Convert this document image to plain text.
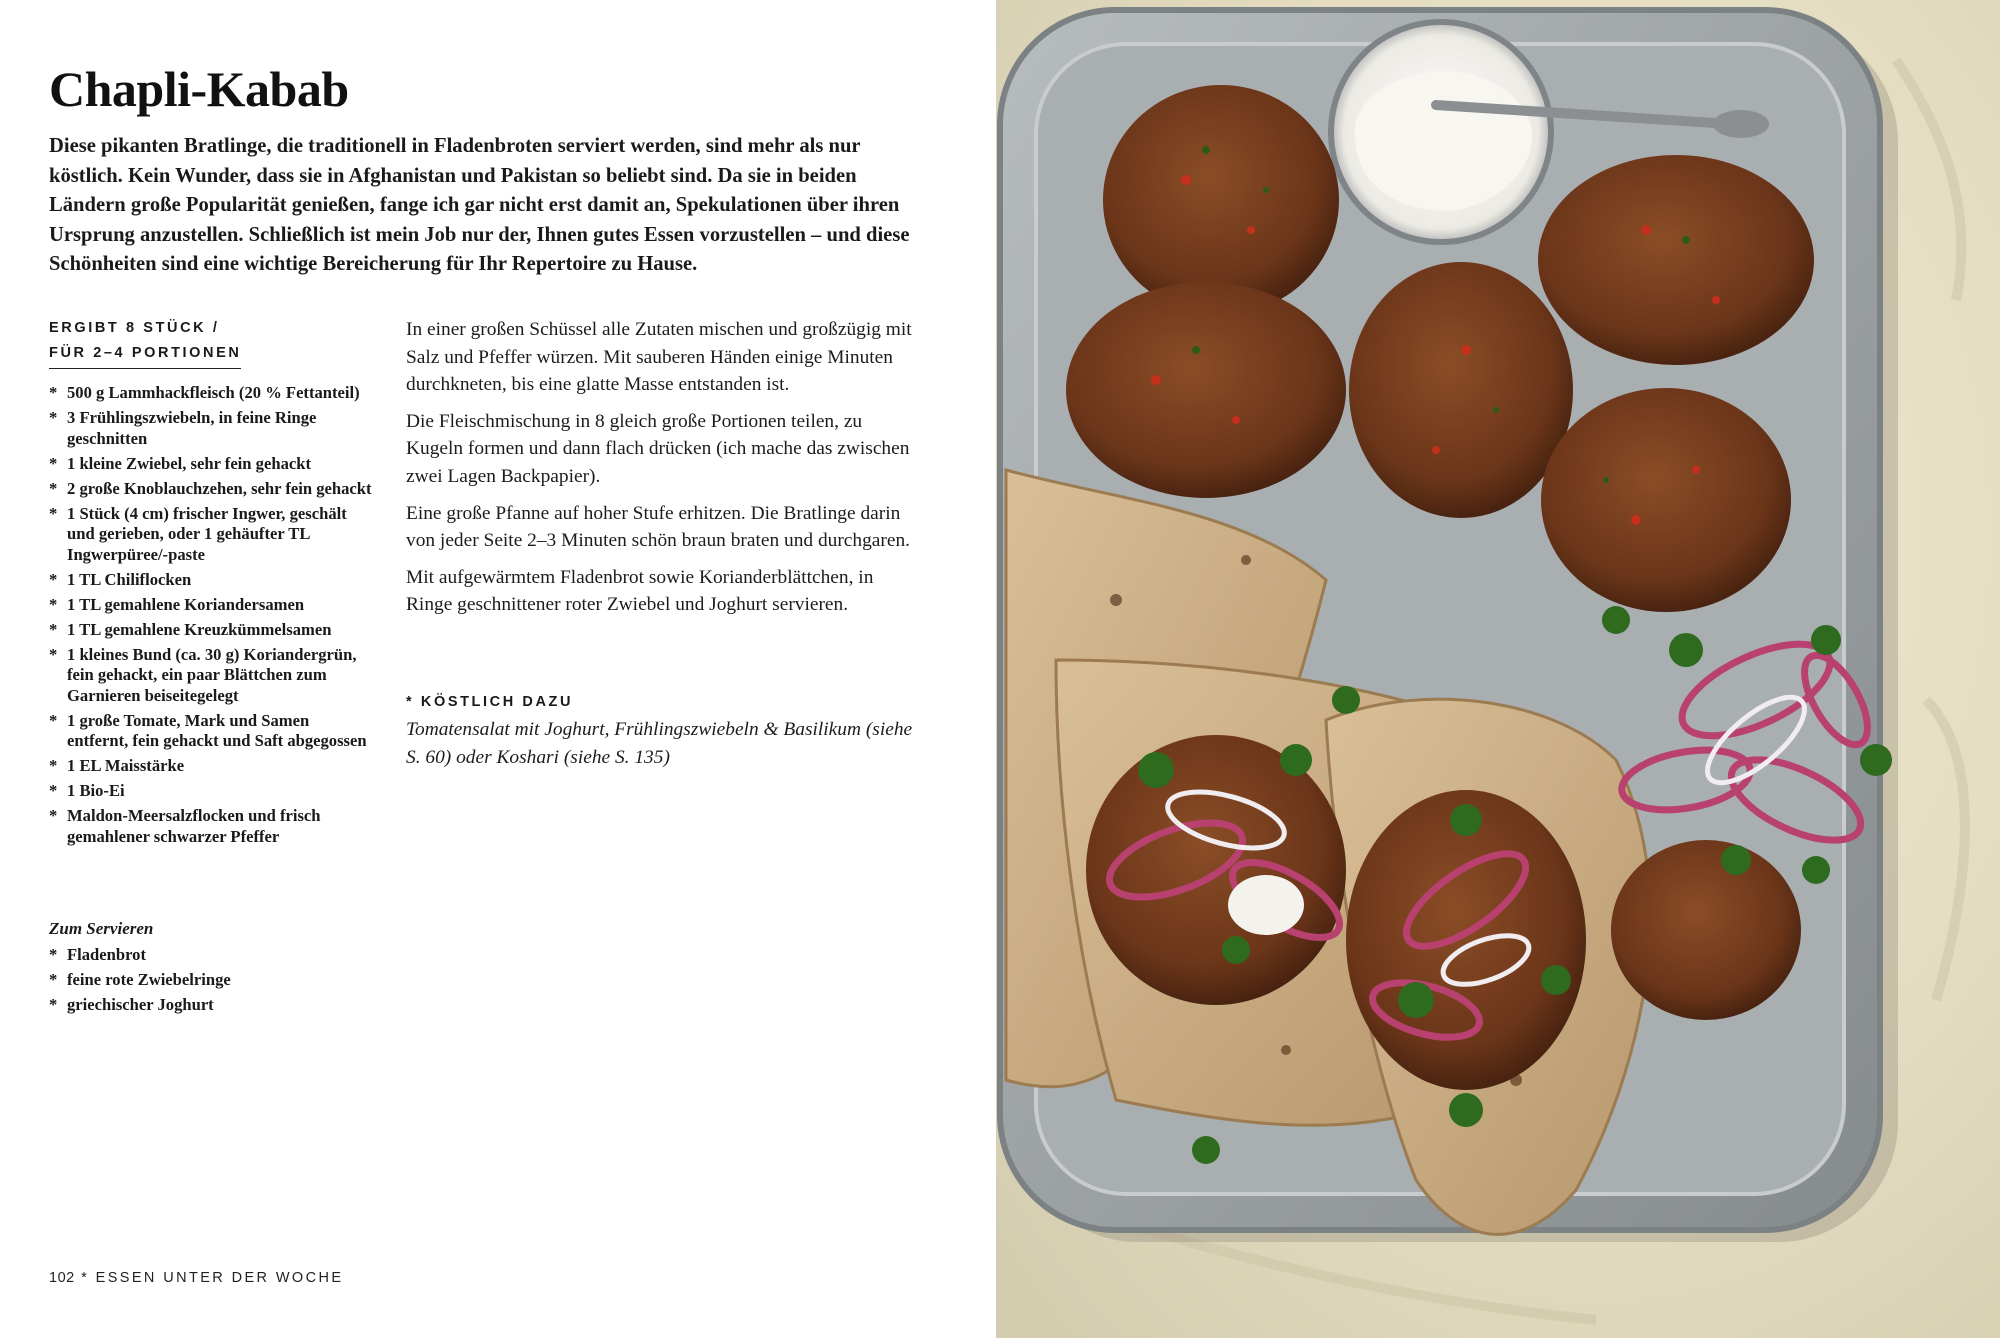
Chapli-Kabab

Diese pikanten Bratlinge, die traditionell in Fladenbroten serviert werden, sind mehr als nur köstlich. Kein Wunder, dass sie in Afghanistan und Pakistan so beliebt sind. Da sie in beiden Ländern große Popularität genießen, fange ich gar nicht erst damit an, Spekulationen über ihren Ursprung anzustellen. Schließlich ist mein Job nur der, Ihnen gutes Essen vorzustellen – und diese Schönheiten sind eine wichtige Bereicherung für Ihr Repertoire zu Hause.

ERGIBT 8 STÜCK /
FÜR 2–4 PORTIONEN
* 500 g Lammhackfleisch (20 % Fettanteil)
* 3 Frühlingszwiebeln, in feine Ringe geschnitten
* 1 kleine Zwiebel, sehr fein gehackt
* 2 große Knoblauchzehen, sehr fein gehackt
* 1 Stück (4 cm) frischer Ingwer, geschält und gerieben, oder 1 gehäufter TL Ingwerpüree/-paste
* 1 TL Chiliflocken
* 1 TL gemahlene Koriandersamen
* 1 TL gemahlene Kreuzkümmelsamen
* 1 kleines Bund (ca. 30 g) Koriandergrün, fein gehackt, ein paar Blättchen zum Garnieren beiseitegelegt
* 1 große Tomate, Mark und Samen entfernt, fein gehackt und Saft abgegossen
* 1 EL Maisstärke
* 1 Bio-Ei
* Maldon-Meersalzflocken und frisch gemahlener schwarzer Pfeffer
Zum Servieren
* Fladenbrot
* feine rote Zwiebelringe
* griechischer Joghurt

In einer großen Schüssel alle Zutaten mischen und großzügig mit Salz und Pfeffer würzen. Mit sauberen Händen einige Minuten durchkneten, bis eine glatte Masse entstanden ist.

Die Fleischmischung in 8 gleich große Portionen teilen, zu Kugeln formen und dann flach drücken (ich mache das zwischen zwei Lagen Backpapier).

Eine große Pfanne auf hoher Stufe erhitzen. Die Bratlinge darin von jeder Seite 2–3 Minuten schön braun braten und durchgaren.

Mit aufgewärmtem Fladenbrot sowie Korianderblättchen, in Ringe geschnittener roter Zwiebel und Joghurt servieren.

* KÖSTLICH DAZU
Tomatensalat mit Joghurt, Frühlingszwiebeln & Basilikum (siehe S. 60) oder Koshari (siehe S. 135)
102 * ESSEN UNTER DER WOCHE
